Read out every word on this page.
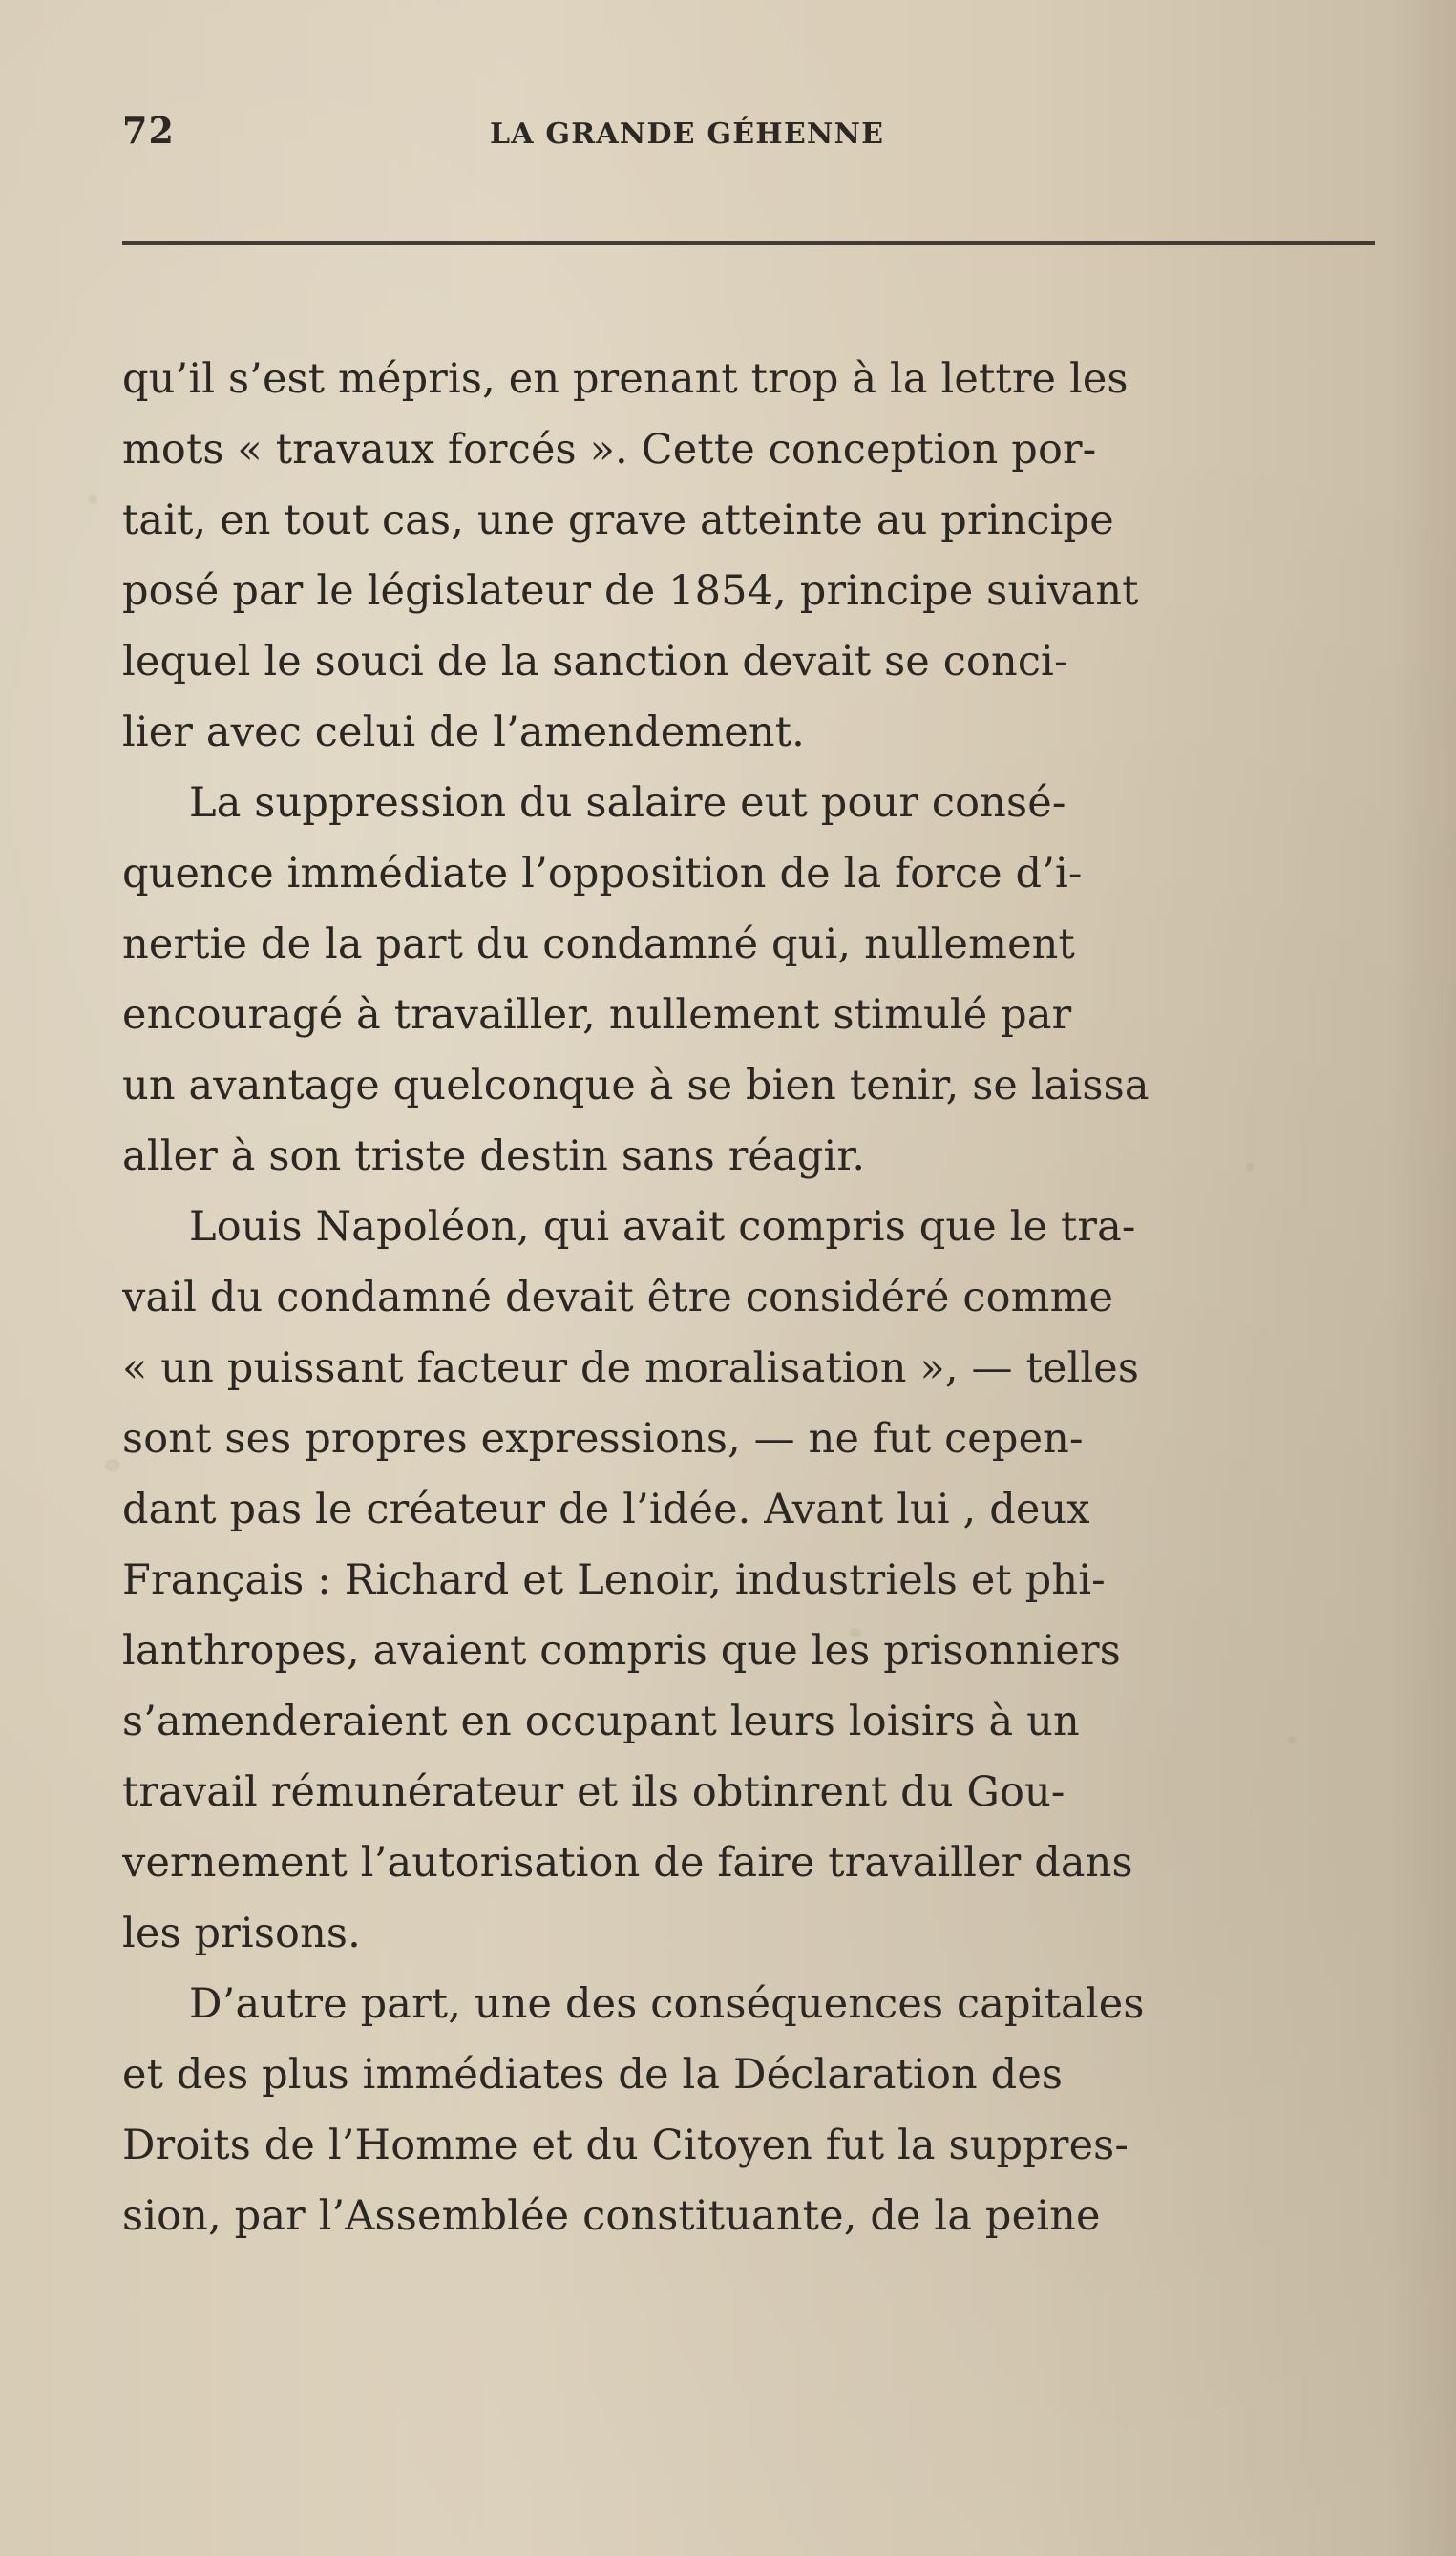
72	LA GRANDE GÉHENNE
qu’il s’est mépris, en prenant trop à la lettre les
mots « travaux forcés ». Cette conception por-
tait, en tout cas, une grave atteinte au principe
posé par le législateur de 1854, principe suivant
lequel le souci de la sanction devait se conci-
lier avec celui de l’amendement.
La suppression du salaire eut pour consé-
quence immédiate l’opposition de la force d’i-
nertie de la part du condamné qui, nullement
encouragé à travailler, nullement stimulé par
un avantage quelconque à se bien tenir, se laissa
aller à son triste destin sans réagir.
Louis Napoléon, qui avait compris que le tra-
vail du condamné devait être considéré comme
« un puissant facteur de moralisation », — telles
sont ses propres expressions, — ne fut cepen-
dant pas le créateur de l’idée. Avant lui , deux
Français : Richard et Lenoir, industriels et phi-
lanthropes, avaient compris que les prisonniers
s’amenderaient en occupant leurs loisirs à un
travail rémunérateur et ils obtinrent du Gou-
vernement l’autorisation de faire travailler dans
les prisons.
D’autre part, une des conséquences capitales
et des plus immédiates de la Déclaration des
Droits de l’Homme et du Citoyen fut la suppres-
sion, par l’Assemblée constituante, de la peine
